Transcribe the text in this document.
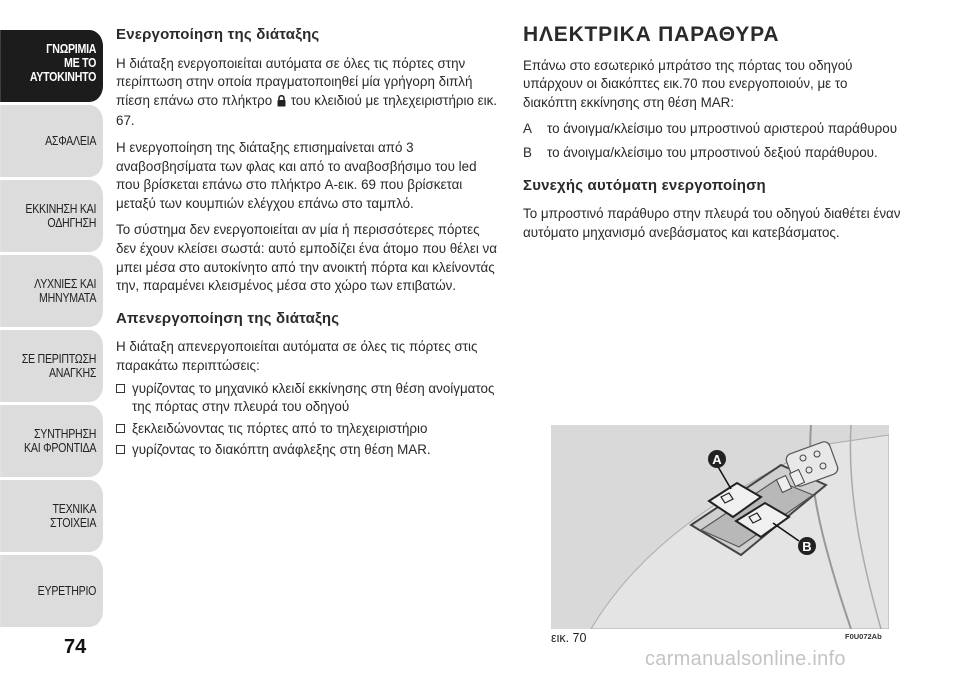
ΓΝΩΡΙΜΙΑ
ΜΕ ΤΟ
ΑΥΤΟΚΙΝΗΤΟ
ΑΣΦΑΛΕΙΑ
ΕΚΚΙΝΗΣΗ ΚΑΙ
ΟΔΗΓΗΣΗ
ΛΥΧΝΙΕΣ ΚΑΙ
ΜΗΝΥΜΑΤΑ
ΣΕ ΠΕΡΙΠΤΩΣΗ
ΑΝΑΓΚΗΣ
ΣΥΝΤΗΡΗΣΗ
ΚΑΙ ΦΡΟΝΤΙΔΑ
ΤΕΧΝΙΚΑ
ΣΤΟΙΧΕΙΑ
ΕΥΡΕΤΗΡΙΟ
74
Ενεργοποίηση της διάταξης

Η διάταξη ενεργοποιείται αυτόματα σε όλες τις πόρτες στην περίπτωση στην οποία πραγματοποιηθεί μία γρήγορη διπλή πίεση επάνω στο πλήκτρο του κλειδιού με τηλεχειριστήριο εικ. 67.

Η ενεργοποίηση της διάταξης επισημαίνεται από 3 αναβοσβησίματα των φλας και από το αναβοσβήσιμο του led που βρίσκεται επάνω στο πλήκτρο A-εικ. 69 που βρίσκεται μεταξύ των κουμπιών ελέγχου επάνω στο ταμπλό.

Το σύστημα δεν ενεργοποιείται αν μία ή περισσότερες πόρτες δεν έχουν κλείσει σωστά: αυτό εμποδίζει ένα άτομο που θέλει να μπει μέσα στο αυτοκίνητο από την ανοικτή πόρτα και κλείνοντάς την, παραμένει κλεισμένος μέσα στο χώρο των επιβατών.

Απενεργοποίηση της διάταξης

Η διάταξη απενεργοποιείται αυτόματα σε όλες τις πόρτες στις παρακάτω περιπτώσεις:

γυρίζοντας το μηχανικό κλειδί εκκίνησης στη θέση ανοίγματος της πόρτας στην πλευρά του οδηγού
ξεκλειδώνοντας τις πόρτες από το τηλεχειριστήριο
γυρίζοντας το διακόπτη ανάφλεξης στη θέση MAR.
ΗΛΕΚΤΡΙΚΑ ΠΑΡΑΘΥΡΑ

Επάνω στο εσωτερικό μπράτσο της πόρτας του οδηγού υπάρχουν οι διακόπτες εικ.70 που ενεργοποιούν, με το διακόπτη εκκίνησης στη θέση MAR:

A	το άνοιγμα/κλείσιμο του μπροστινού αριστερού παράθυρου
B	το άνοιγμα/κλείσιμο του μπροστινού δεξιού παράθυρου.
Συνεχής αυτόματη ενεργοποίηση

Το μπροστινό παράθυρο στην πλευρά του οδηγού διαθέτει έναν αυτόματο μηχανισμό ανεβάσματος και κατεβάσματος.

A
B
εικ. 70	F0U072Ab
carmanualsonline.info
